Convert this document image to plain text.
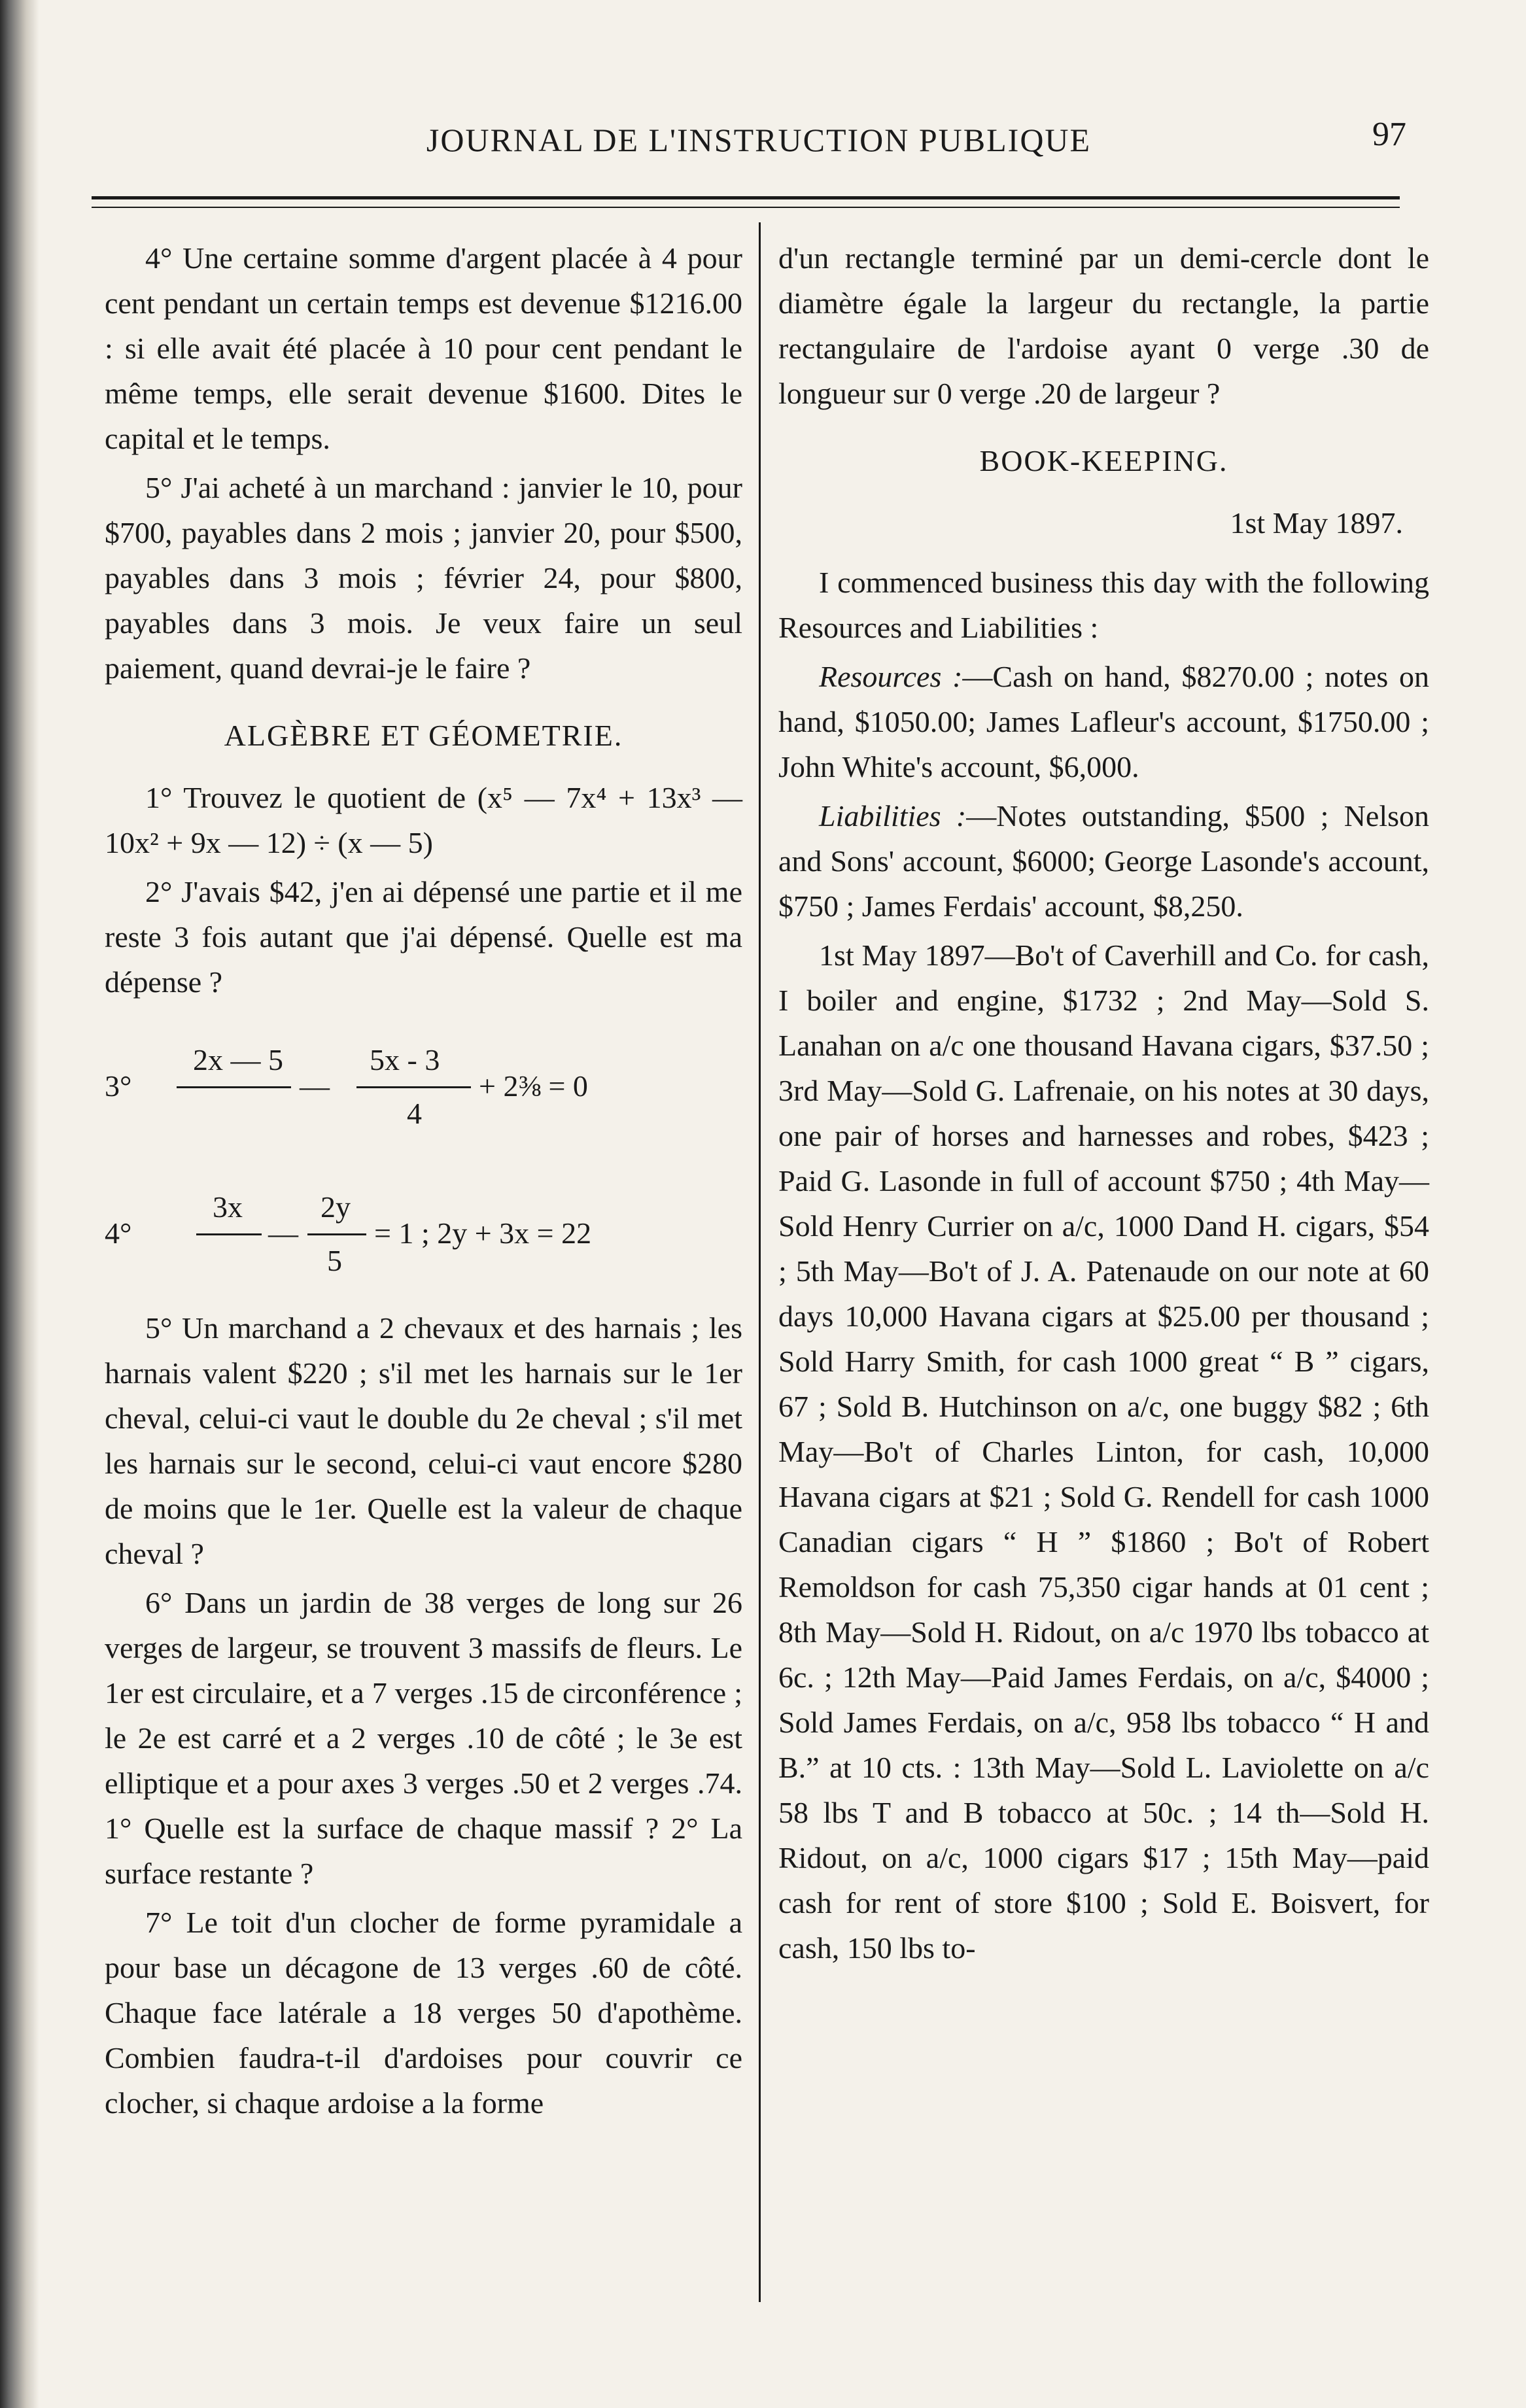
JOURNAL DE L'INSTRUCTION PUBLIQUE	97

4° Une certaine somme d'argent placée à 4 pour cent pendant un certain temps est devenue $1216.00 : si elle avait été placée à 10 pour cent pendant le même temps, elle serait devenue $1600. Dites le capital et le temps.

5° J'ai acheté à un marchand : janvier le 10, pour $700, payables dans 2 mois ; janvier 20, pour $500, payables dans 3 mois ; février 24, pour $800, payables dans 3 mois. Je veux faire un seul paiement, quand devrai-je le faire ?

ALGÈBRE ET GÉOMETRIE.

1° Trouvez le quotient de (x⁵ — 7x⁴ + 13x³ — 10x² + 9x — 12) ÷ (x — 5)

2° J'avais $42, j'en ai dépensé une partie et il me reste 3 fois autant que j'ai dépensé. Quelle est ma dépense ?

3°
2x — 5
—
5x - 3
4
+ 2⅜ = 0
4°
3x
—
2y
5
= 1 ; 2y + 3x = 22

5° Un marchand a 2 chevaux et des harnais ; les harnais valent $220 ; s'il met les harnais sur le 1er cheval, celui-ci vaut le double du 2e cheval ; s'il met les harnais sur le second, celui-ci vaut encore $280 de moins que le 1er. Quelle est la valeur de chaque cheval ?

6° Dans un jardin de 38 verges de long sur 26 verges de largeur, se trouvent 3 massifs de fleurs. Le 1er est circulaire, et a 7 verges .15 de circonférence ; le 2e est carré et a 2 verges .10 de côté ; le 3e est elliptique et a pour axes 3 verges .50 et 2 verges .74. 1° Quelle est la surface de chaque massif ? 2° La surface restante ?

7° Le toit d'un clocher de forme pyramidale a pour base un décagone de 13 verges .60 de côté. Chaque face latérale a 18 verges 50 d'apothème. Combien faudra-t-il d'ardoises pour couvrir ce clocher, si chaque ardoise a la forme

d'un rectangle terminé par un demi-cercle dont le diamètre égale la largeur du rectangle, la partie rectangulaire de l'ardoise ayant 0 verge .30 de longueur sur 0 verge .20 de largeur ?

BOOK-KEEPING.
1st May 1897.

I commenced business this day with the following Resources and Liabilities :

Resources :—Cash on hand, $8270.00 ; notes on hand, $1050.00; James Lafleur's account, $1750.00 ; John White's account, $6,000.

Liabilities :—Notes outstanding, $500 ; Nelson and Sons' account, $6000; George Lasonde's account, $750 ; James Ferdais' account, $8,250.

1st May 1897—Bo't of Caverhill and Co. for cash, I boiler and engine, $1732 ; 2nd May—Sold S. Lanahan on a/c one thousand Havana cigars, $37.50 ; 3rd May—Sold G. Lafrenaie, on his notes at 30 days, one pair of horses and harnesses and robes, $423 ; Paid G. Lasonde in full of account $750 ; 4th May—Sold Henry Currier on a/c, 1000 Dand H. cigars, $54 ; 5th May—Bo't of J. A. Patenaude on our note at 60 days 10,000 Havana cigars at $25.00 per thousand ; Sold Harry Smith, for cash 1000 great “ B ” cigars, 67 ; Sold B. Hutchinson on a/c, one buggy $82 ; 6th May—Bo't of Charles Linton, for cash, 10,000 Havana cigars at $21 ; Sold G. Rendell for cash 1000 Canadian cigars “ H ” $1860 ; Bo't of Robert Remoldson for cash 75,350 cigar hands at 01 cent ; 8th May—Sold H. Ridout, on a/c 1970 lbs tobacco at 6c. ; 12th May—Paid James Ferdais, on a/c, $4000 ; Sold James Ferdais, on a/c, 958 lbs tobacco “ H and B.” at 10 cts. : 13th May—Sold L. Laviolette on a/c 58 lbs T and B tobacco at 50c. ; 14 th—Sold H. Ridout, on a/c, 1000 cigars $17 ; 15th May—paid cash for rent of store $100 ; Sold E. Boisvert, for cash, 150 lbs to-
